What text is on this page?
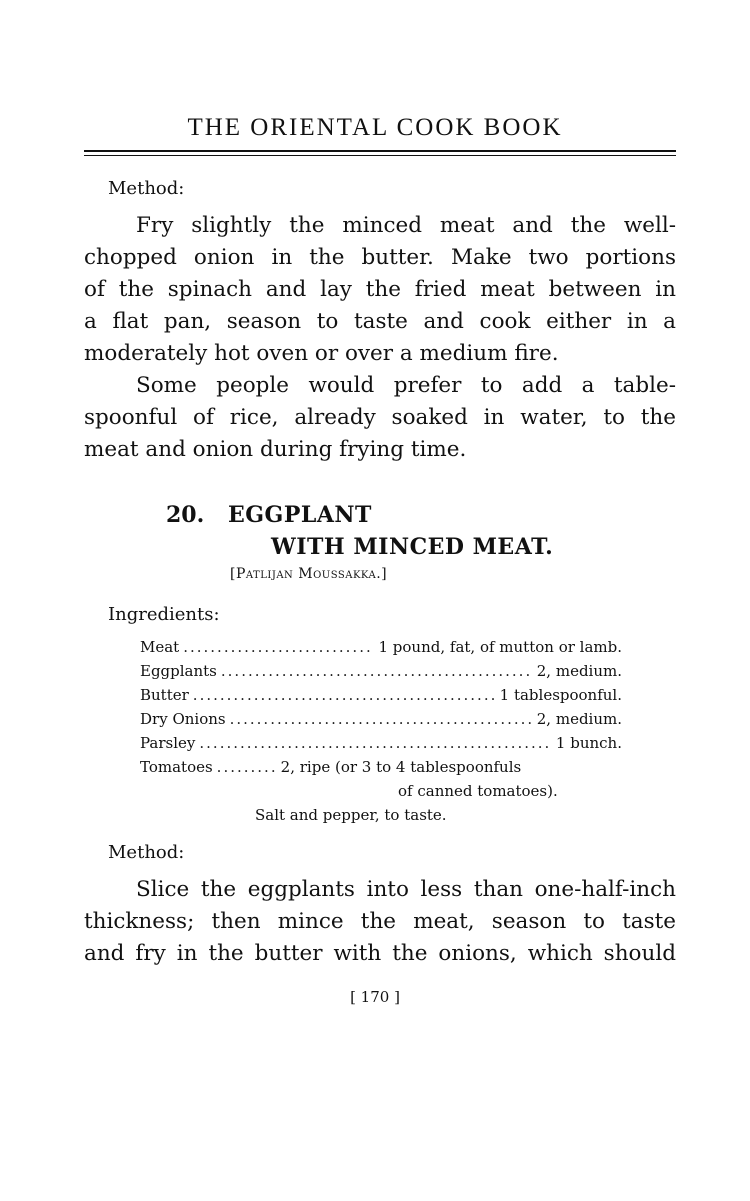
THE ORIENTAL COOK BOOK
Method:
Fry slightly the minced meat and the well-
chopped onion in the butter. Make two portions
of the spinach and lay the fried meat between in
a flat pan, season to taste and cook either in a
moderately hot oven or over a medium fire.
Some people would prefer to add a table-
spoonful of rice, already soaked in water, to the
meat and onion during frying time.
20. EGGPLANT
WITH MINCED MEAT.
[Patlijan Moussakka.]
Ingredients:
Meat .....	1 pound, fat, of mutton or lamb.
Eggplants .....	2, medium.
Butter .....	1 tablespoonful.
Dry Onions .....	2, medium.
Parsley .....	1 bunch.
Tomatoes .....	2, ripe (or 3 to 4 tablespoonfuls
of canned tomatoes).
Salt and pepper, to taste.
Method:
Slice the eggplants into less than one-half-inch
thickness; then mince the meat, season to taste
and fry in the butter with the onions, which should
[ 170 ]
